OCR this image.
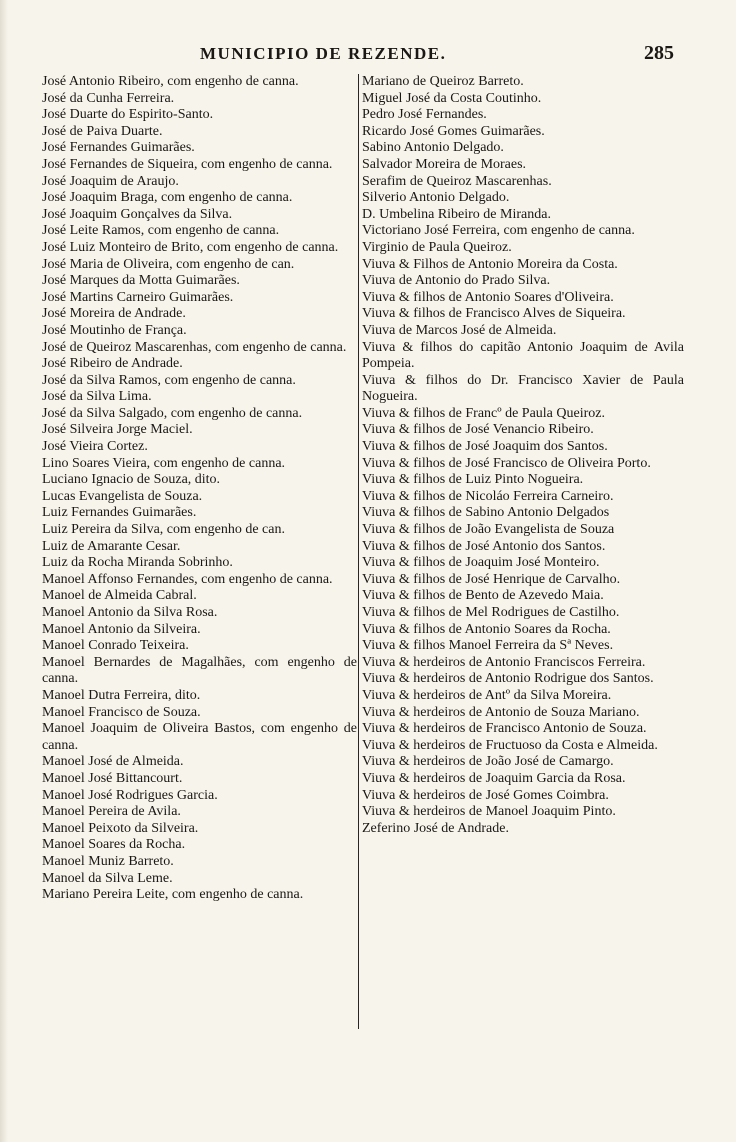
MUNICIPIO DE REZENDE.	285
José Antonio Ribeiro, com engenho de canna.
José da Cunha Ferreira.
José Duarte do Espirito-Santo.
José de Paiva Duarte.
José Fernandes Guimarães.
José Fernandes de Siqueira, com engenho de canna.
José Joaquim de Araujo.
José Joaquim Braga, com engenho de canna.
José Joaquim Gonçalves da Silva.
José Leite Ramos, com engenho de canna.
José Luiz Monteiro de Brito, com engenho de canna.
José Maria de Oliveira, com engenho de can.
José Marques da Motta Guimarães.
José Martins Carneiro Guimarães.
José Moreira de Andrade.
José Moutinho de França.
José de Queiroz Mascarenhas, com engenho de canna.
José Ribeiro de Andrade.
José da Silva Ramos, com engenho de canna.
José da Silva Lima.
José da Silva Salgado, com engenho de canna.
José Silveira Jorge Maciel.
José Vieira Cortez.
Lino Soares Vieira, com engenho de canna.
Luciano Ignacio de Souza, dito.
Lucas Evangelista de Souza.
Luiz Fernandes Guimarães.
Luiz Pereira da Silva, com engenho de can.
Luiz de Amarante Cesar.
Luiz da Rocha Miranda Sobrinho.
Manoel Affonso Fernandes, com engenho de canna.
Manoel de Almeida Cabral.
Manoel Antonio da Silva Rosa.
Manoel Antonio da Silveira.
Manoel Conrado Teixeira.
Manoel Bernardes de Magalhães, com engenho de canna.
Manoel Dutra Ferreira, dito.
Manoel Francisco de Souza.
Manoel Joaquim de Oliveira Bastos, com engenho de canna.
Manoel José de Almeida.
Manoel José Bittancourt.
Manoel José Rodrigues Garcia.
Manoel Pereira de Avila.
Manoel Peixoto da Silveira.
Manoel Soares da Rocha.
Manoel Muniz Barreto.
Manoel da Silva Leme.
Mariano Pereira Leite, com engenho de canna.
Mariano de Queiroz Barreto.
Miguel José da Costa Coutinho.
Pedro José Fernandes.
Ricardo José Gomes Guimarães.
Sabino Antonio Delgado.
Salvador Moreira de Moraes.
Serafim de Queiroz Mascarenhas.
Silverio Antonio Delgado.
D. Umbelina Ribeiro de Miranda.
Victoriano José Ferreira, com engenho de canna.
Virginio de Paula Queiroz.
Viuva & Filhos de Antonio Moreira da Costa.
Viuva de Antonio do Prado Silva.
Viuva & filhos de Antonio Soares d'Oliveira.
Viuva & filhos de Francisco Alves de Siqueira.
Viuva de Marcos José de Almeida.
Viuva & filhos do capitão Antonio Joaquim de Avila Pompeia.
Viuva & filhos do Dr. Francisco Xavier de Paula Nogueira.
Viuva & filhos de Francº de Paula Queiroz.
Viuva & filhos de José Venancio Ribeiro.
Viuva & filhos de José Joaquim dos Santos.
Viuva & filhos de José Francisco de Oliveira Porto.
Viuva & filhos de Luiz Pinto Nogueira.
Viuva & filhos de Nicoláo Ferreira Carneiro.
Viuva & filhos de Sabino Antonio Delgados
Viuva & filhos de João Evangelista de Souza
Viuva & filhos de José Antonio dos Santos.
Viuva & filhos de Joaquim José Monteiro.
Viuva & filhos de José Henrique de Carvalho.
Viuva & filhos de Bento de Azevedo Maia.
Viuva & filhos de Mel Rodrigues de Castilho.
Viuva & filhos de Antonio Soares da Rocha.
Viuva & filhos Manoel Ferreira da Sª Neves.
Viuva & herdeiros de Antonio Franciscos Ferreira.
Viuva & herdeiros de Antonio Rodrigue dos Santos.
Viuva & herdeiros de Antº da Silva Moreira.
Viuva & herdeiros de Antonio de Souza Mariano.
Viuva & herdeiros de Francisco Antonio de Souza.
Viuva & herdeiros de Fructuoso da Costa e Almeida.
Viuva & herdeiros de João José de Camargo.
Viuva & herdeiros de Joaquim Garcia da Rosa.
Viuva & herdeiros de José Gomes Coimbra.
Viuva & herdeiros de Manoel Joaquim Pinto.
Zeferino José de Andrade.
